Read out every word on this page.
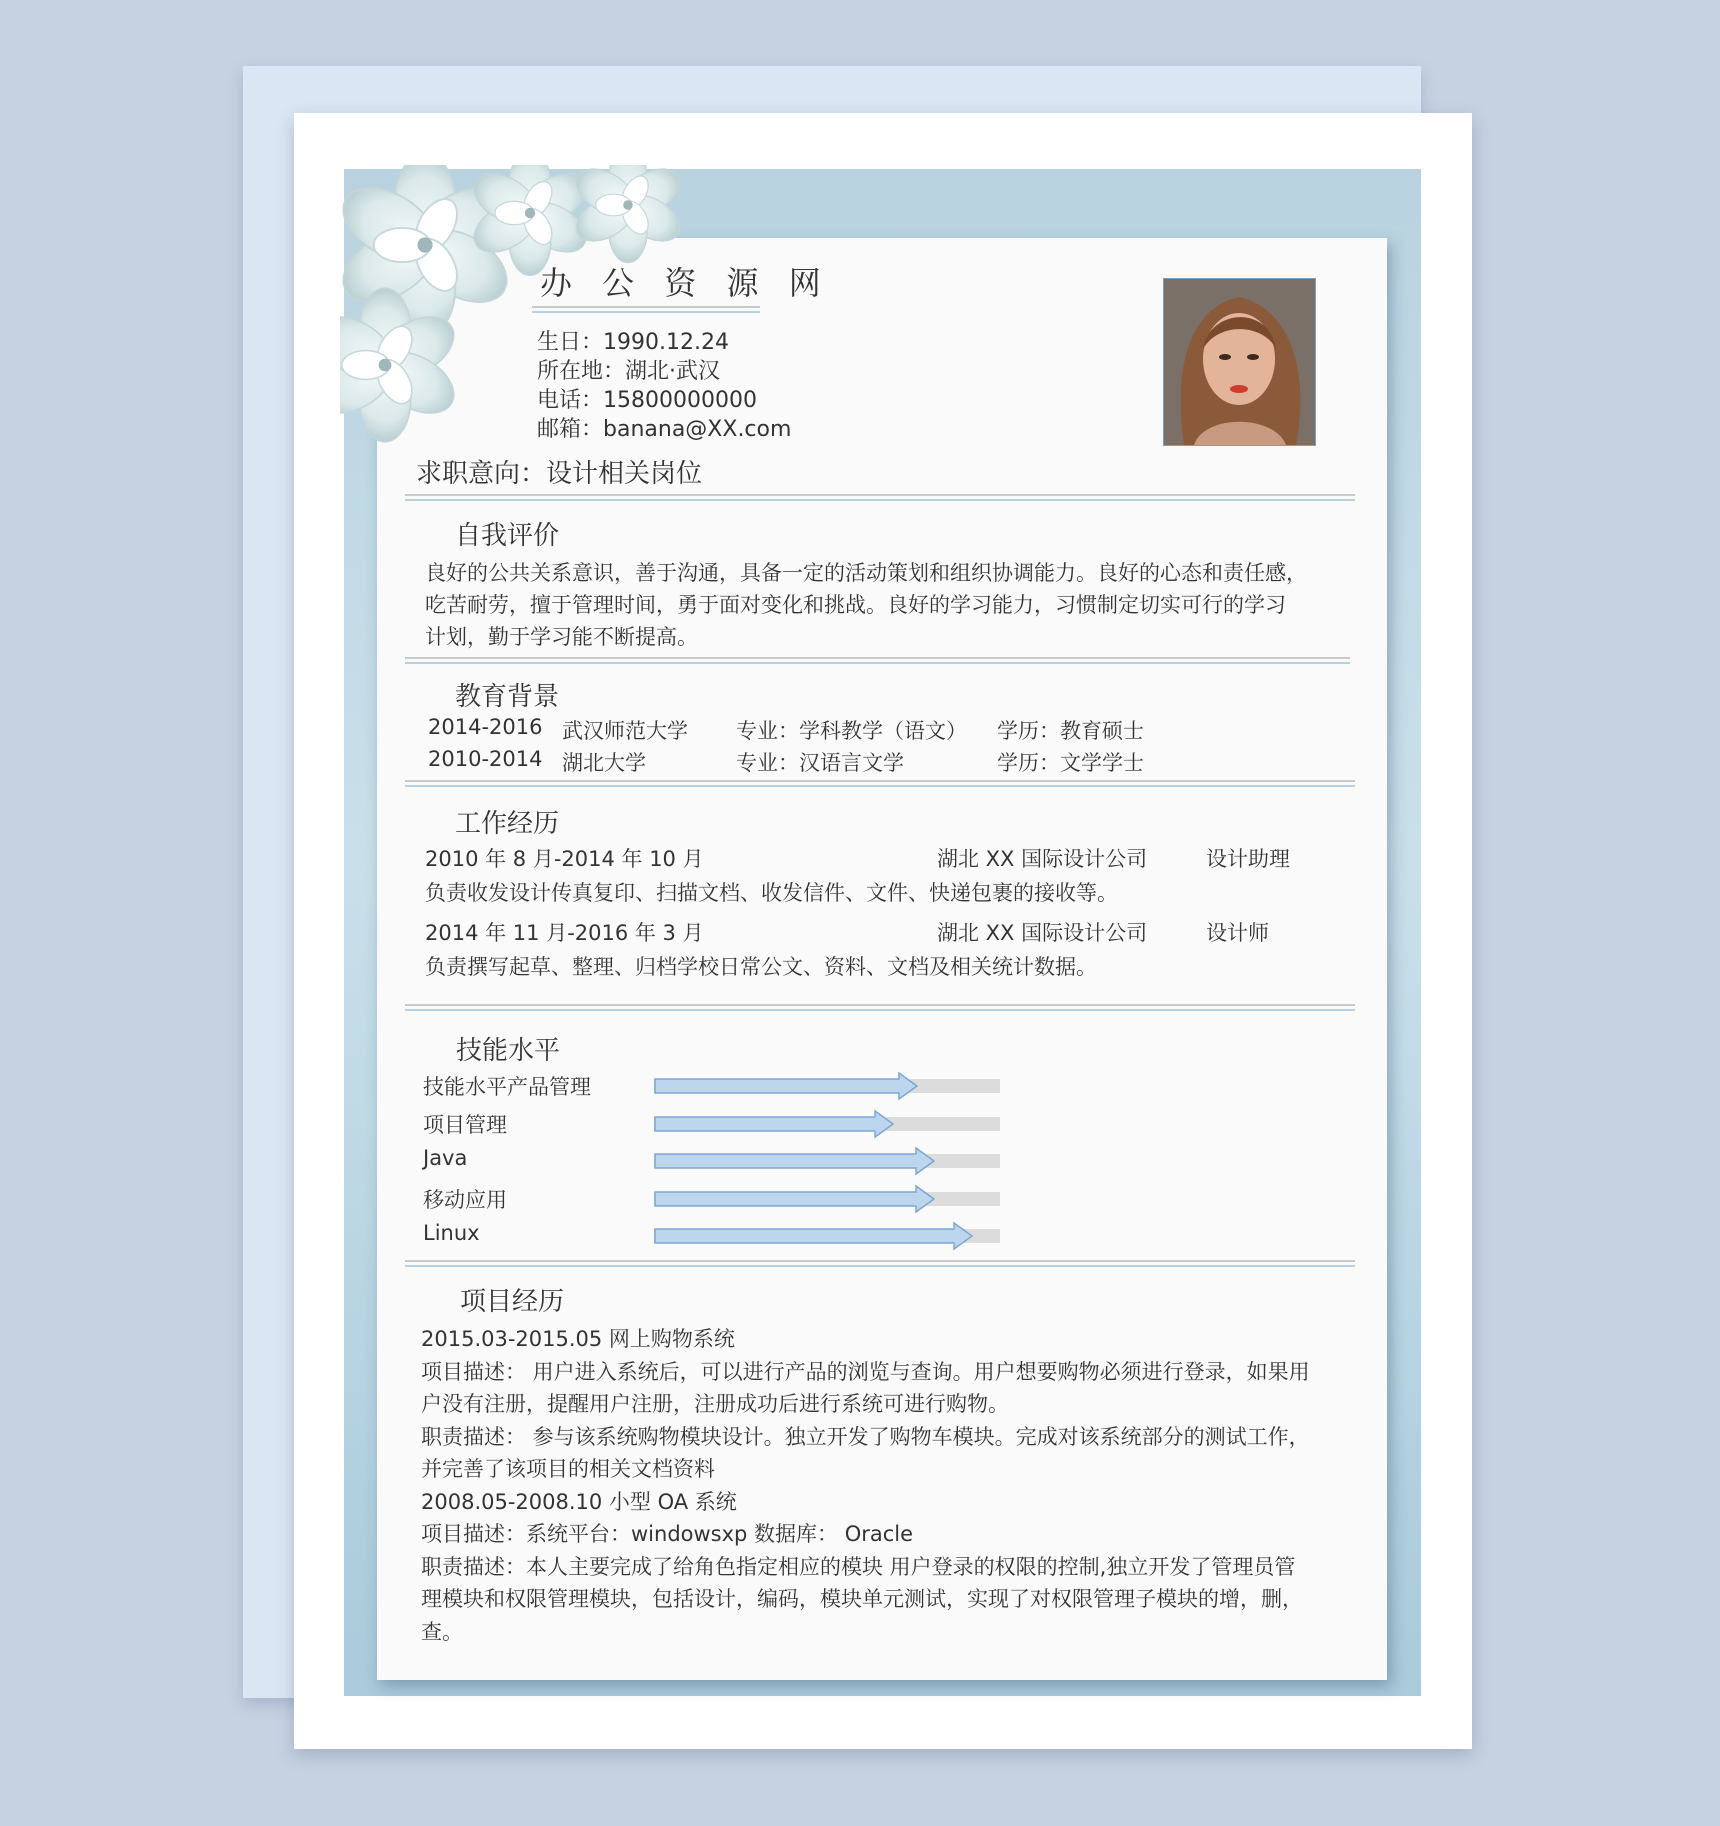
办 公 资 源 网
生日：1990.12.24
所在地：湖北·武汉
电话：15800000000
邮箱：banana@XX.com
求职意向：设计相关岗位
自我评价
良好的公共关系意识，善于沟通，具备一定的活动策划和组织协调能力。良好的心态和责任感，
吃苦耐劳，擅于管理时间，勇于面对变化和挑战。良好的学习能力，习惯制定切实可行的学习
计划，勤于学习能不断提高。
教育背景
2014-2016 武汉师范大学 专业：学科教学（语文） 学历：教育硕士
2010-2014 湖北大学	专业：汉语言文学	学历：文学学士
工作经历
2010 年 8 月-2014 年 10 月	湖北 XX 国际设计公司	设计助理
负责收发设计传真复印、扫描文档、收发信件、文件、快递包裹的接收等。
2014 年 11 月-2016 年 3 月	湖北 XX 国际设计公司	设计师
负责撰写起草、整理、归档学校日常公文、资料、文档及相关统计数据。
技能水平
技能水平产品管理
项目管理
Java
移动应用
Linux
项目经历
2015.03-2015.05 网上购物系统
项目描述： 用户进入系统后，可以进行产品的浏览与查询。用户想要购物必须进行登录，如果用
户没有注册，提醒用户注册，注册成功后进行系统可进行购物。
职责描述： 参与该系统购物模块设计。独立开发了购物车模块。完成对该系统部分的测试工作，
并完善了该项目的相关文档资料
2008.05-2008.10 小型 OA 系统
项目描述：系统平台：windowsxp 数据库： Oracle
职责描述：本人主要完成了给角色指定相应的模块 用户登录的权限的控制,独立开发了管理员管
理模块和权限管理模块，包括设计，编码，模块单元测试，实现了对权限管理子模块的增，删，
查。
